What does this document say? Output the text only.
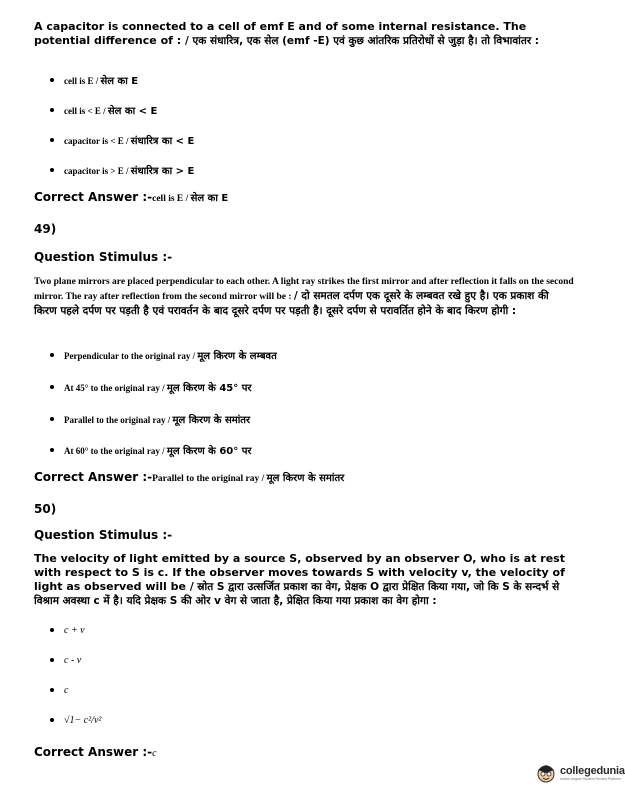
A capacitor is connected to a cell of emf E and of some internal resistance. The potential difference of : / एक संधारित्र, एक सेल (emf -E) एवं कुछ आंतरिक प्रतिरोधों से जुड़ा है। तो विभावांतर :
cell is E / सेल का E
cell is < E / सेल का < E
capacitor is < E / संधारित्र का < E
capacitor is > E / संधारित्र का > E
Correct Answer :- cell is E / सेल का E
49)
Question Stimulus :-
Two plane mirrors are placed perpendicular to each other. A light ray strikes the first mirror and after reflection it falls on the second mirror. The ray after reflection from the second mirror will be : / दो समतल दर्पण एक दूसरे के लम्बवत रखे हुए है। एक प्रकाश की किरण पहले दर्पण पर पड़ती है एवं परावर्तन के बाद दूसरे दर्पण पर पड़ती है। दूसरे दर्पण से परावर्तित होने के बाद किरण होगी :
Perpendicular to the original ray / मूल किरण के लम्बवत
At 45° to the original ray / मूल किरण के 45° पर
Parallel to the original ray / मूल किरण के समांतर
At 60° to the original ray / मूल किरण के 60° पर
Correct Answer :- Parallel to the original ray / मूल किरण के समांतर
50)
Question Stimulus :-
The velocity of light emitted by a source S, observed by an observer O, who is at rest with respect to S is c. If the observer moves towards S with velocity v, the velocity of light as observed will be / स्रोत S द्वारा उत्सर्जित प्रकाश का वेग, प्रेक्षक O द्वारा प्रेक्षित किया गया, जो कि S के सन्दर्भ से विश्राम अवस्था c में है। यदि प्रेक्षक S की ओर v वेग से जाता है, प्रेक्षित किया गया प्रकाश का वेग होगा :
c + v
c - v
c
√1− c²/v²
Correct Answer :- c
collegedunia
India's largest Student Review Platform
